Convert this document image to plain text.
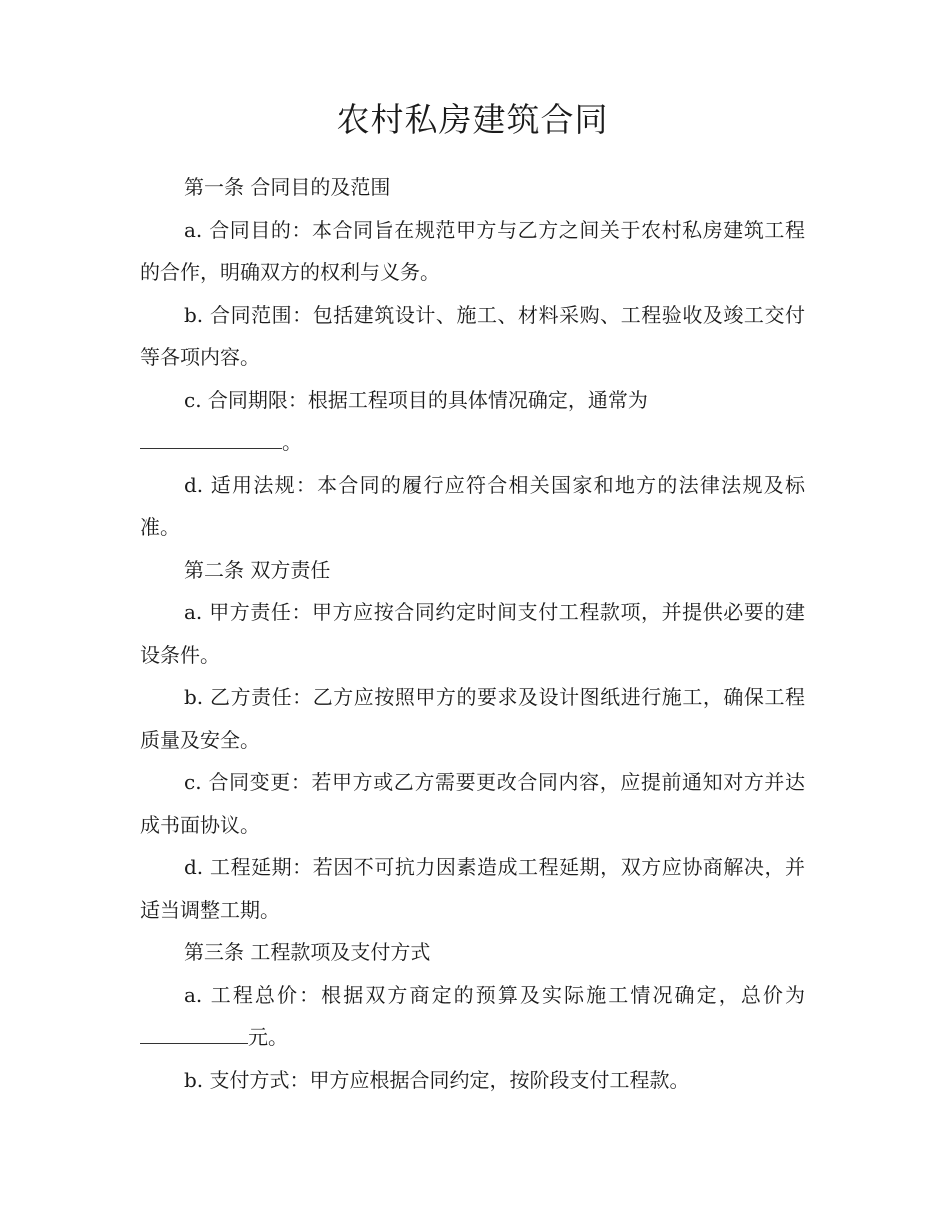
农村私房建筑合同

第一条 合同目的及范围

a. 合同目的：本合同旨在规范甲方与乙方之间关于农村私房建筑工程的合作，明确双方的权利与义务。

b. 合同范围：包括建筑设计、施工、材料采购、工程验收及竣工交付等各项内容。

c. 合同期限：根据工程项目的具体情况确定，通常为
。

d. 适用法规：本合同的履行应符合相关国家和地方的法律法规及标准。

第二条 双方责任

a. 甲方责任：甲方应按合同约定时间支付工程款项，并提供必要的建设条件。

b. 乙方责任：乙方应按照甲方的要求及设计图纸进行施工，确保工程质量及安全。

c. 合同变更：若甲方或乙方需要更改合同内容，应提前通知对方并达成书面协议。

d. 工程延期：若因不可抗力因素造成工程延期，双方应协商解决，并适当调整工期。

第三条 工程款项及支付方式

a. 工程总价：根据双方商定的预算及实际施工情况确定，总价为元。

b. 支付方式：甲方应根据合同约定，按阶段支付工程款。
